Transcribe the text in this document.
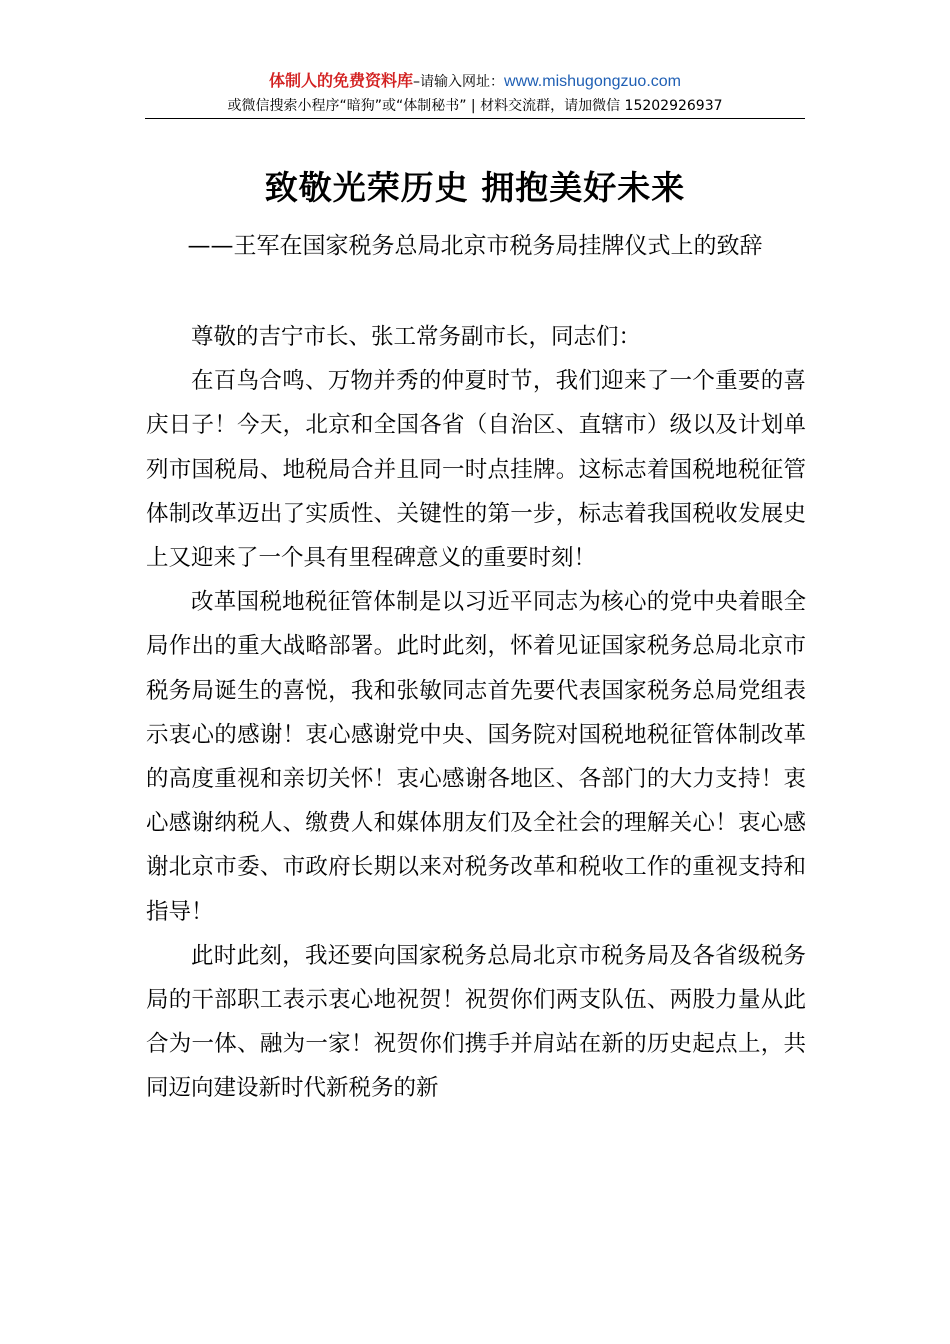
体制人的免费资料库–请输入网址：www.mishugongzuo.com
或微信搜索小程序“暗狗”或“体制秘书” | 材料交流群，请加微信 15202926937
致敬光荣历史 拥抱美好未来
——王军在国家税务总局北京市税务局挂牌仪式上的致辞

尊敬的吉宁市长、张工常务副市长，同志们：

在百鸟合鸣、万物并秀的仲夏时节，我们迎来了一个重要的喜庆日子！今天，北京和全国各省（自治区、直辖市）级以及计划单列市国税局、地税局合并且同一时点挂牌。这标志着国税地税征管体制改革迈出了实质性、关键性的第一步，标志着我国税收发展史上又迎来了一个具有里程碑意义的重要时刻！

改革国税地税征管体制是以习近平同志为核心的党中央着眼全局作出的重大战略部署。此时此刻，怀着见证国家税务总局北京市税务局诞生的喜悦，我和张敏同志首先要代表国家税务总局党组表示衷心的感谢！衷心感谢党中央、国务院对国税地税征管体制改革的高度重视和亲切关怀！衷心感谢各地区、各部门的大力支持！衷心感谢纳税人、缴费人和媒体朋友们及全社会的理解关心！衷心感谢北京市委、市政府长期以来对税务改革和税收工作的重视支持和指导！

此时此刻，我还要向国家税务总局北京市税务局及各省级税务局的干部职工表示衷心地祝贺！祝贺你们两支队伍、两股力量从此合为一体、融为一家！祝贺你们携手并肩站在新的历史起点上，共同迈向建设新时代新税务的新
